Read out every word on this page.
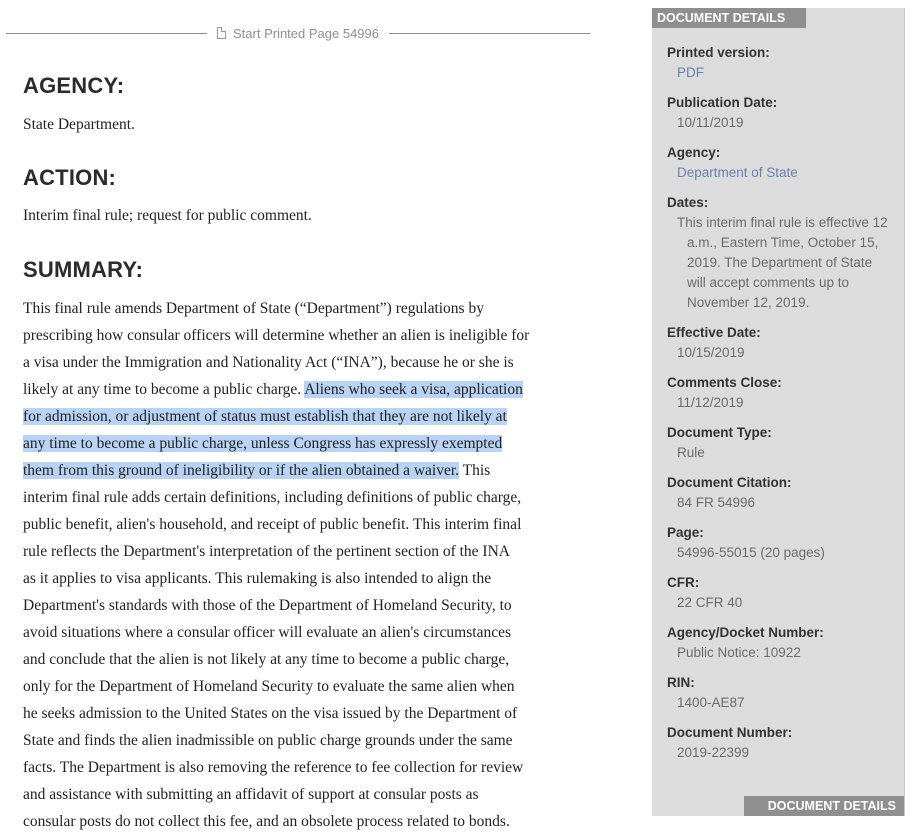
Start Printed Page 54996
AGENCY:

State Department.

ACTION:

Interim final rule; request for public comment.

SUMMARY:
This final rule amends Department of State (“Department”) regulations by
prescribing how consular officers will determine whether an alien is ineligible for
a visa under the Immigration and Nationality Act (“INA”), because he or she is
likely at any time to become a public charge. Aliens who seek a visa, application
for admission, or adjustment of status must establish that they are not likely at
any time to become a public charge, unless Congress has expressly exempted
them from this ground of ineligibility or if the alien obtained a waiver. This
interim final rule adds certain definitions, including definitions of public charge,
public benefit, alien's household, and receipt of public benefit. This interim final
rule reflects the Department's interpretation of the pertinent section of the INA
as it applies to visa applicants. This rulemaking is also intended to align the
Department's standards with those of the Department of Homeland Security, to
avoid situations where a consular officer will evaluate an alien's circumstances
and conclude that the alien is not likely at any time to become a public charge,
only for the Department of Homeland Security to evaluate the same alien when
he seeks admission to the United States on the visa issued by the Department of
State and finds the alien inadmissible on public charge grounds under the same
facts. The Department is also removing the reference to fee collection for review
and assistance with submitting an affidavit of support at consular posts as
consular posts do not collect this fee, and an obsolete process related to bonds.
DOCUMENT DETAILS
Printed version:
PDF
Publication Date:
10/11/2019
Agency:
Department of State
Dates:
This interim final rule is effective 12
a.m., Eastern Time, October 15,
2019. The Department of State
will accept comments up to
November 12, 2019.
Effective Date:
10/15/2019
Comments Close:
11/12/2019
Document Type:
Rule
Document Citation:
84 FR 54996
Page:
54996-55015 (20 pages)
CFR:
22 CFR 40
Agency/Docket Number:
Public Notice: 10922
RIN:
1400-AE87
Document Number:
2019-22399
DOCUMENT DETAILS
